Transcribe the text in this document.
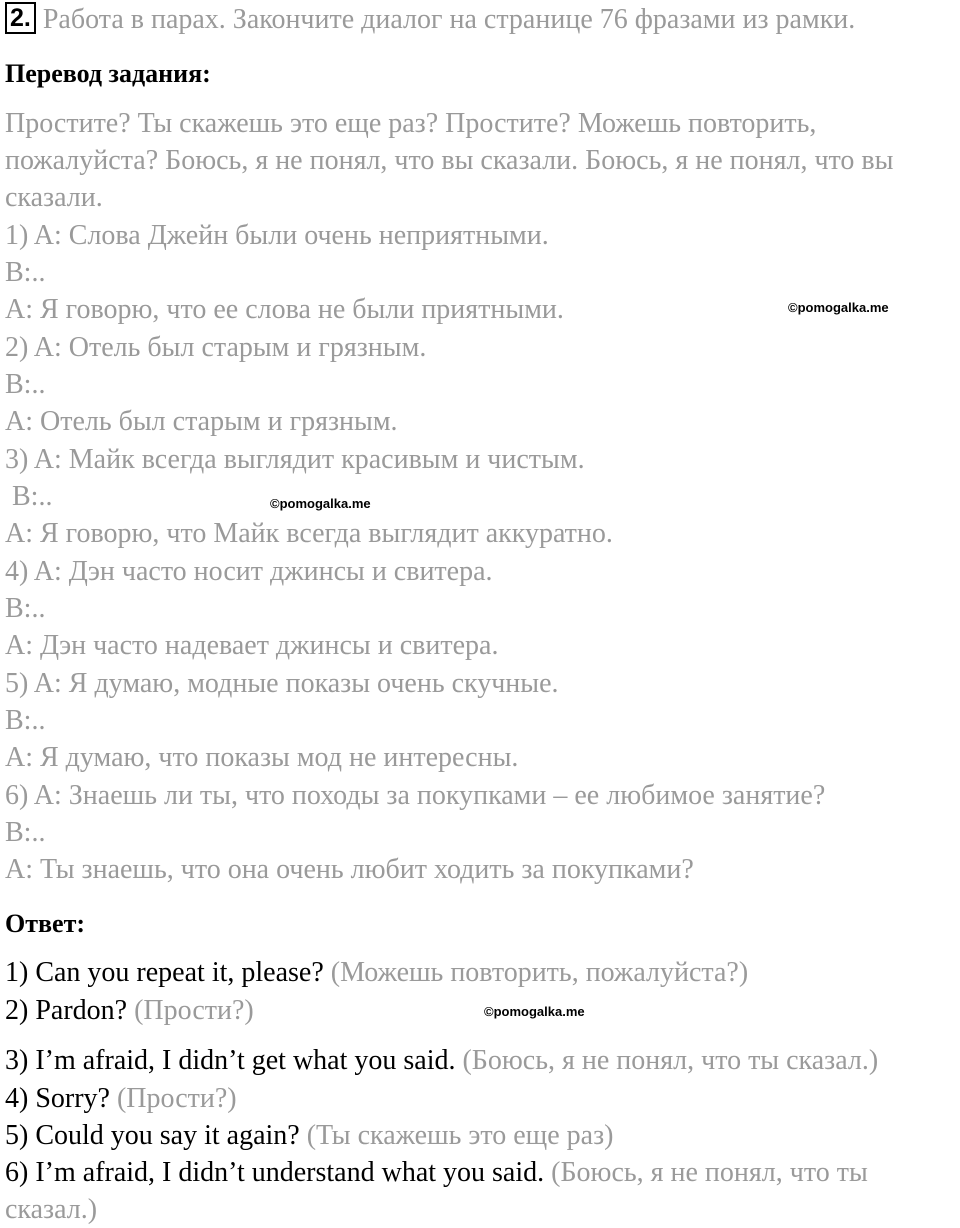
2. Работа в парах. Закончите диалог на странице 76 фразами из рамки.
Перевод задания:
Простите? Ты скажешь это еще раз? Простите? Можешь повторить,
пожалуйста? Боюсь, я не понял, что вы сказали. Боюсь, я не понял, что вы
сказали.
1) A: Слова Джейн были очень неприятными.
B:..
A: Я говорю, что ее слова не были приятными.
2) A: Отель был старым и грязным.
B:..
A: Отель был старым и грязным.
3) A: Майк всегда выглядит красивым и чистым.
B:..
A: Я говорю, что Майк всегда выглядит аккуратно.
4) A: Дэн часто носит джинсы и свитера.
B:..
A: Дэн часто надевает джинсы и свитера.
5) A: Я думаю, модные показы очень скучные.
B:..
A: Я думаю, что показы мод не интересны.
6) A: Знаешь ли ты, что походы за покупками – ее любимое занятие?
B:..
A: Ты знаешь, что она очень любит ходить за покупками?
Ответ:
1) Can you repeat it, please? (Можешь повторить, пожалуйста?)
2) Pardon? (Прости?)
3) I’m afraid, I didn’t get what you said. (Боюсь, я не понял, что ты сказал.)
4) Sorry? (Прости?)
5) Could you say it again? (Ты скажешь это еще раз)
6) I’m afraid, I didn’t understand what you said. (Боюсь, я не понял, что ты
сказал.)
©pomogalka.me
©pomogalka.me
©pomogalka.me
